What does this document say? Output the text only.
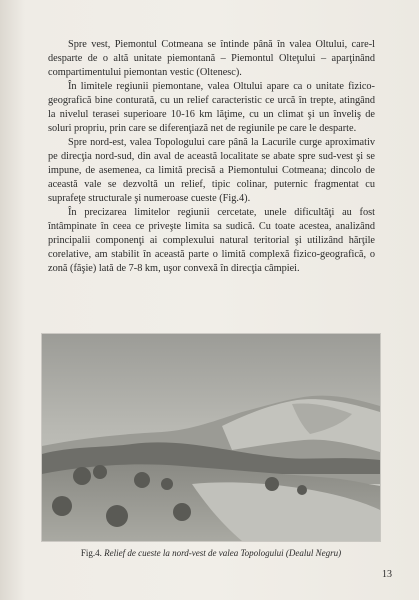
Spre vest, Piemontul Cotmeana se întinde până în valea Oltului, care-l desparte de o altă unitate piemontană – Piemontul Olteţului – aparţinând compartimentului piemontan vestic (Oltenesc).

În limitele regiunii piemontane, valea Oltului apare ca o unitate fizico-geografică bine conturată, cu un relief caracteristic ce urcă în trepte, atingând la nivelul terasei superioare 10-16 km lăţime, cu un climat şi un înveliş de soluri propriu, prin care se diferenţiază net de regiunile pe care le desparte.

Spre nord-est, valea Topologului care până la Lacurile curge aproximativ pe direcţia nord-sud, din aval de această localitate se abate spre sud-vest şi se impune, de asemenea, ca limită precisă a Piemontului Cotmeana; dincolo de această vale se dezvoltă un relief, tipic colinar, puternic fragmentat cu suprafeţe structurale şi numeroase cueste (Fig.4).

În precizarea limitelor regiunii cercetate, unele dificultăţi au fost întâmpinate în ceea ce priveşte limita sa sudică. Cu toate acestea, analizând principalii componenţi ai complexului natural teritorial şi utilizând hărţile corelative, am stabilit în această parte o limită complexă fizico-geografică, o zonă (făşie) lată de 7-8 km, uşor convexă în direcţia câmpiei.

Fig.4. Relief de cueste la nord-vest de valea Topologului (Dealul Negru)
13
